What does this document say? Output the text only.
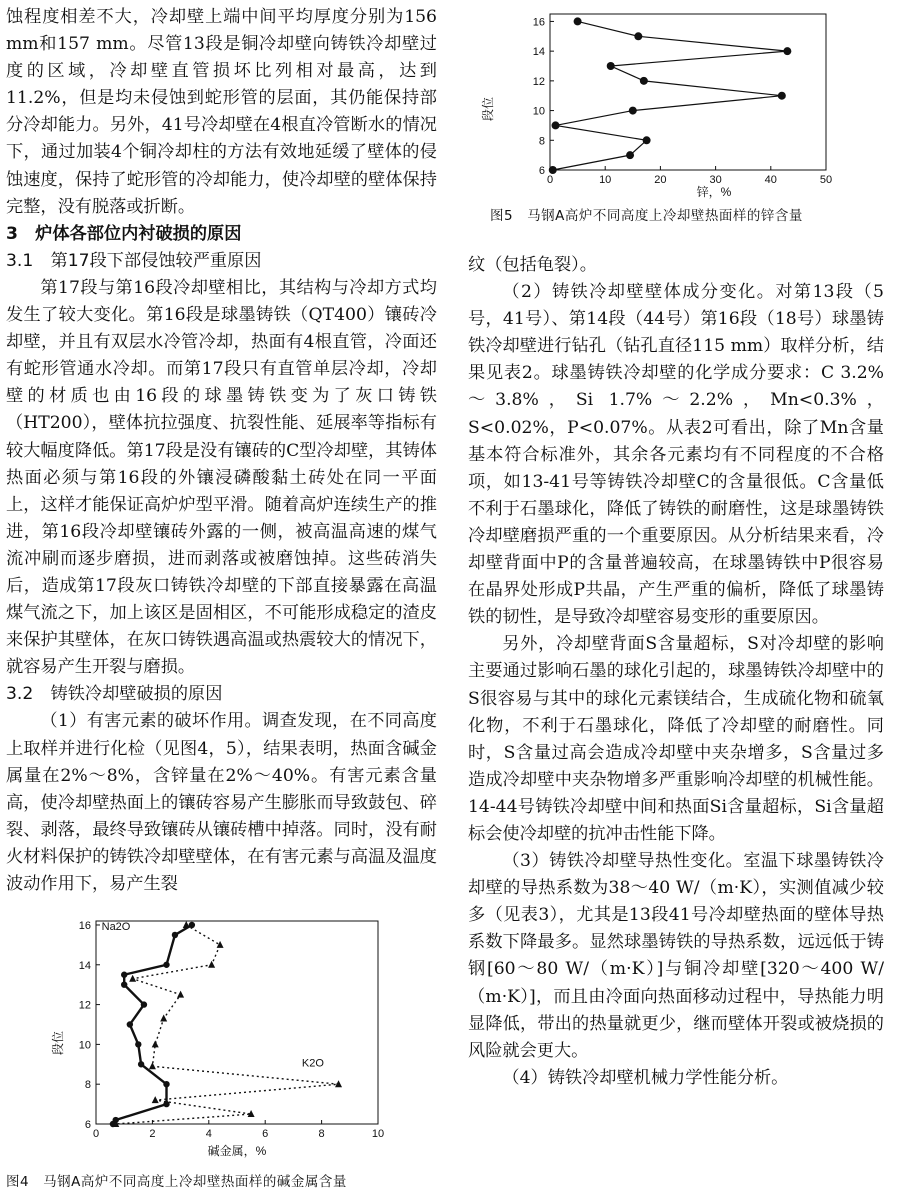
蚀程度相差不大，冷却壁上端中间平均厚度分别为156 mm和157 mm。尽管13段是铜冷却壁向铸铁冷却壁过度的区域，冷却壁直管损坏比列相对最高，达到11.2%，但是均未侵蚀到蛇形管的层面，其仍能保持部分冷却能力。另外，41号冷却壁在4根直冷管断水的情况下，通过加装4个铜冷却柱的方法有效地延缓了壁体的侵蚀速度，保持了蛇形管的冷却能力，使冷却壁的壁体保持完整，没有脱落或折断。

3　炉体各部位内衬破损的原因

3.1　第17段下部侵蚀较严重原因

第17段与第16段冷却壁相比，其结构与冷却方式均发生了较大变化。第16段是球墨铸铁（QT400）镶砖冷却壁，并且有双层水冷管冷却，热面有4根直管，冷面还有蛇形管通水冷却。而第17段只有直管单层冷却，冷却壁的材质也由16段的球墨铸铁变为了灰口铸铁（HT200），壁体抗拉强度、抗裂性能、延展率等指标有较大幅度降低。第17段是没有镶砖的C型冷却壁，其铸体热面必须与第16段的外镶浸磷酸黏土砖处在同一平面上，这样才能保证高炉炉型平滑。随着高炉连续生产的推进，第16段冷却壁镶砖外露的一侧，被高温高速的煤气流冲刷而逐步磨损，进而剥落或被磨蚀掉。这些砖消失后，造成第17段灰口铸铁冷却壁的下部直接暴露在高温煤气流之下，加上该区是固相区，不可能形成稳定的渣皮来保护其壁体，在灰口铸铁遇高温或热震较大的情况下，就容易产生开裂与磨损。

3.2　铸铁冷却壁破损的原因

（1）有害元素的破坏作用。调查发现，在不同高度上取样并进行化检（见图4，5），结果表明，热面含碱金属量在2%～8%，含锌量在2%～40%。有害元素含量高，使冷却壁热面上的镶砖容易产生膨胀而导致鼓包、碎裂、剥落，最终导致镶砖从镶砖槽中掉落。同时，没有耐火材料保护的铸铁冷却壁壁体，在有害元素与高温及温度波动作用下，易产生裂

纹（包括龟裂）。

（2）铸铁冷却壁壁体成分变化。对第13段（5号，41号）、第14段（44号）第16段（18号）球墨铸铁冷却壁进行钻孔（钻孔直径115 mm）取样分析，结果见表2。球墨铸铁冷却壁的化学成分要求：C 3.2%～3.8%，Si 1.7%～2.2%，Mn<0.3%，S<0.02%，P<0.07%。从表2可看出，除了Mn含量基本符合标准外，其余各元素均有不同程度的不合格项，如13-41号等铸铁冷却壁C的含量很低。C含量低不利于石墨球化，降低了铸铁的耐磨性，这是球墨铸铁冷却壁磨损严重的一个重要原因。从分析结果来看，冷却壁背面中P的含量普遍较高，在球墨铸铁中P很容易在晶界处形成P共晶，产生严重的偏析，降低了球墨铸铁的韧性，是导致冷却壁容易变形的重要原因。

另外，冷却壁背面S含量超标，S对冷却壁的影响主要通过影响石墨的球化引起的，球墨铸铁冷却壁中的S很容易与其中的球化元素镁结合，生成硫化物和硫氧化物，不利于石墨球化，降低了冷却壁的耐磨性。同时，S含量过高会造成冷却壁中夹杂增多，S含量过多造成冷却壁中夹杂物增多严重影响冷却壁的机械性能。14-44号铸铁冷却壁中间和热面Si含量超标，Si含量超标会使冷却壁的抗冲击性能下降。

（3）铸铁冷却壁导热性变化。室温下球墨铸铁冷却壁的导热系数为38～40 W/（m·K），实测值减少较多（见表3），尤其是13段41号冷却壁热面的壁体导热系数下降最多。显然球墨铸铁的导热系数，远远低于铸钢[60～80 W/（m·K）]与铜冷却壁[320～400 W/（m·K）]，而且由冷面向热面移动过程中，导热能力明显降低，带出的热量就更少，继而壁体开裂或被烧损的风险就会更大。

（4）铸铁冷却壁机械力学性能分析。

0	10	20	30	40	50
6
8
10
12
14
16
锌，%
段位
图5　马钢A高炉不同高度上冷却壁热面样的锌含量
0	2	4	6	8	10
6
8
10
12
14
16 Na2O
K2O
碱金属，%
段位
图4　马钢A高炉不同高度上冷却壁热面样的碱金属含量
